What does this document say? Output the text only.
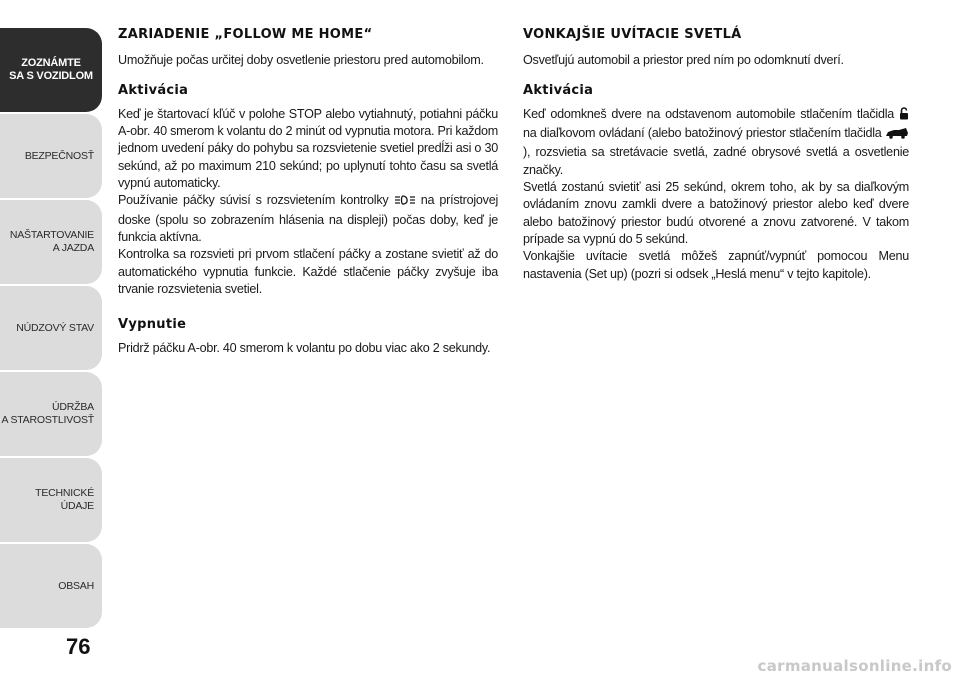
ZOZNÁMTE
SA S VOZIDLOM
BEZPEČNOSŤ
NAŠTARTOVANIE
A JAZDA
NÚDZOVÝ STAV
ÚDRŽBA
A STAROSTLIVOSŤ
TECHNICKÉ
ÚDAJE
OBSAH
76
ZARIADENIE „FOLLOW ME HOME“

Umožňuje počas určitej doby osvetlenie priestoru pred automobilom.

Aktivácia

Keď je štartovací kľúč v polohe STOP alebo vytiahnutý, potiahni páčku A-obr. 40 smerom k volantu do 2 minút od vypnutia motora. Pri každom jednom uvedení páky do pohybu sa rozsvietenie svetiel predĺži asi o 30 sekúnd, až po maximum 210 sekúnd; po uplynutí tohto času sa svetlá vypnú automaticky.

Používanie páčky súvisí s rozsvietením kontrolky	na prístrojovej doske (spolu so zobrazením hlásenia na displeji) počas doby, keď je funkcia aktívna.

Kontrolka sa rozsvieti pri prvom stlačení páčky a zostane svietiť až do automatického vypnutia funkcie. Každé stlačenie páčky zvyšuje iba trvanie rozsvietenia svetiel.

Vypnutie

Pridrž páčku A-obr. 40 smerom k volantu po dobu viac ako 2 sekundy.

VONKAJŠIE UVÍTACIE SVETLÁ

Osvetľujú automobil a priestor pred ním po odomknutí dverí.

Aktivácia

Keď odomkneš dvere na odstavenom automobile stlačením tlačidla  na diaľkovom ovládaní (alebo batožinový priestor stlačením tlačidla  ), rozsvietia sa stretávacie svetlá, zadné obrysové svetlá a osvetlenie značky.

Svetlá zostanú svietiť asi 25 sekúnd, okrem toho, ak by sa diaľkovým ovládaním znovu zamkli dvere a batožinový priestor alebo keď dvere alebo batožinový priestor budú otvorené a znovu zatvorené. V takom prípade sa vypnú do 5 sekúnd.

Vonkajšie uvítacie svetlá môžeš zapnúť/vypnúť pomocou Menu nastavenia (Set up) (pozri si odsek „Heslá menu“ v tejto kapitole).

carmanualsonline.info
